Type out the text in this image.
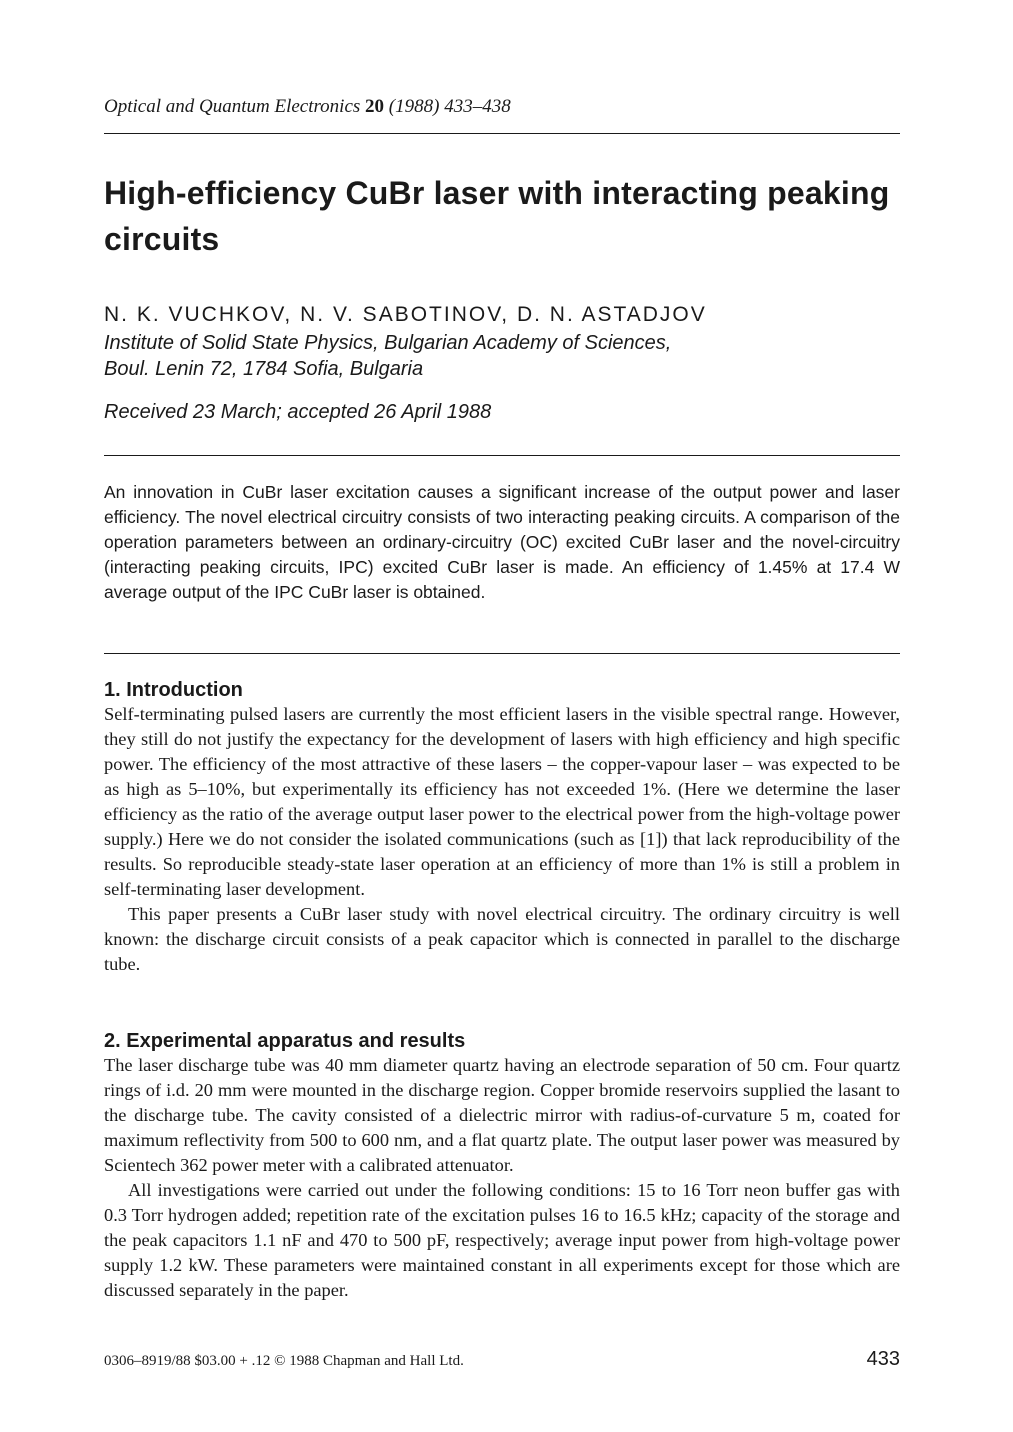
Optical and Quantum Electronics 20 (1988) 433–438
High-efficiency CuBr laser with interacting peaking circuits
N. K. VUCHKOV, N. V. SABOTINOV, D. N. ASTADJOV
Institute of Solid State Physics, Bulgarian Academy of Sciences,
Boul. Lenin 72, 1784 Sofia, Bulgaria
Received 23 March; accepted 26 April 1988
An innovation in CuBr laser excitation causes a significant increase of the output power and laser efficiency. The novel electrical circuitry consists of two interacting peaking circuits. A comparison of the operation parameters between an ordinary-circuitry (OC) excited CuBr laser and the novel-circuitry (interacting peaking circuits, IPC) excited CuBr laser is made. An efficiency of 1.45% at 17.4 W average output of the IPC CuBr laser is obtained.
1. Introduction

Self-terminating pulsed lasers are currently the most efficient lasers in the visible spectral range. However, they still do not justify the expectancy for the development of lasers with high efficiency and high specific power. The efficiency of the most attractive of these lasers – the copper-vapour laser – was expected to be as high as 5–10%, but experimentally its efficiency has not exceeded 1%. (Here we determine the laser efficiency as the ratio of the average output laser power to the electrical power from the high-voltage power supply.) Here we do not consider the isolated communications (such as [1]) that lack reproducibility of the results. So reproducible steady-state laser operation at an efficiency of more than 1% is still a problem in self-terminating laser development.

This paper presents a CuBr laser study with novel electrical circuitry. The ordinary circuitry is well known: the discharge circuit consists of a peak capacitor which is connected in parallel to the discharge tube.

2. Experimental apparatus and results

The laser discharge tube was 40 mm diameter quartz having an electrode separation of 50 cm. Four quartz rings of i.d. 20 mm were mounted in the discharge region. Copper bromide reservoirs supplied the lasant to the discharge tube. The cavity consisted of a dielectric mirror with radius-of-curvature 5 m, coated for maximum reflectivity from 500 to 600 nm, and a flat quartz plate. The output laser power was measured by Scientech 362 power meter with a calibrated attenuator.

All investigations were carried out under the following conditions: 15 to 16 Torr neon buffer gas with 0.3 Torr hydrogen added; repetition rate of the excitation pulses 16 to 16.5 kHz; capacity of the storage and the peak capacitors 1.1 nF and 470 to 500 pF, respectively; average input power from high-voltage power supply 1.2 kW. These parameters were maintained constant in all experiments except for those which are discussed separately in the paper.

0306–8919/88 $03.00 + .12 © 1988 Chapman and Hall Ltd.	433
